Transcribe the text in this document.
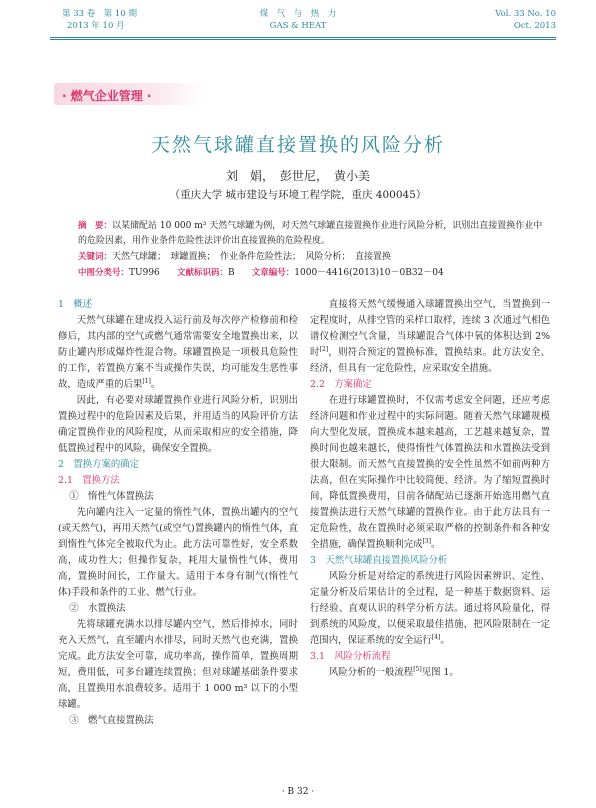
第 33 卷　第 10 期
2013 年 10 月
煤　气　与　热　力
GAS & HEAT
Vol. 33 No. 10
Oct. 2013
· 燃气企业管理 ·
天然气球罐直接置换的风险分析
刘　娟，　彭世尼，　黄小美
（重庆大学 城市建设与环境工程学院，重庆 400045）
摘　要：以某储配站 10 000 m³ 天然气球罐为例，对天然气球罐直接置换作业进行风险分析，识别出直接置换作业中的危险因素，用作业条件危险性法评价出直接置换的危险程度。
关键词：天然气球罐；　球罐置换；　作业条件危险性法；　风险分析；　直接置换
中图分类号：TU996 文献标识码：B 文章编号：1000－4416(2013)10－0B32－04

1　概述

天然气球罐在建成投入运行前及每次停产检修前和检修后，其内部的空气或燃气通常需要安全地置换出来，以防止罐内形成爆炸性混合物。球罐置换是一项极具危险性的工作，若置换方案不当或操作失误，均可能发生恶性事故，造成严重的后果[1]。

因此，有必要对球罐置换作业进行风险分析，识别出置换过程中的危险因素及后果，并用适当的风险评价方法确定置换作业的风险程度，从而采取相应的安全措施，降低置换过程中的风险，确保安全置换。

2　置换方案的确定

2.1　置换方法

①　惰性气体置换法

先向罐内注入一定量的惰性气体，置换出罐内的空气(或天然气)，再用天然气(或空气)置换罐内的惰性气体，直到惰性气体完全被取代为止。此方法可靠性好，安全系数高，成功性大；但操作复杂，耗用大量惰性气体，费用高，置换时间长，工作量大。适用于本身有制气(惰性气体)手段和条件的工业、燃气行业。

②　水置换法

先将球罐充满水以排尽罐内空气，然后排掉水，同时充入天然气，直至罐内水排尽，同时天然气也充满，置换完成。此方法安全可靠，成功率高，操作简单，置换周期短，费用低，可多台罐连续置换；但对球罐基础条件要求高，且置换用水浪费较多。适用于 1 000 m³ 以下的小型球罐。

③　燃气直接置换法

直接将天然气缓慢通入球罐置换出空气，当置换到一定程度时，从排空管的采样口取样，连续 3 次通过气相色谱仪检测空气含量，当球罐混合气体中氧的体积达到 2% 时[2]，则符合预定的置换标准，置换结束。此方法安全、经济，但具有一定危险性，应采取安全措施。

2.2　方案确定

在进行球罐置换时，不仅需考虑安全问题，还应考虑经济问题和作业过程中的实际问题。随着天然气球罐规模向大型化发展，置换成本越来越高，工艺越来越复杂，置换时间也越来越长，使得惰性气体置换法和水置换法受到很大限制。而天然气直接置换的安全性虽然不如前两种方法高，但在实际操作中比较简便、经济。为了缩短置换时间，降低置换费用，目前各储配站已逐渐开始选用燃气直接置换法进行天然气球罐的置换作业。由于此方法具有一定危险性，故在置换时必须采取严格的控制条件和各种安全措施，确保置换顺利完成[3]。

3　天然气球罐直接置换风险分析

风险分析是对给定的系统进行风险因素辨识、定性、定量分析及后果估计的全过程，是一种基于数据资料、运行经验、直观认识的科学分析方法。通过将风险量化，得到系统的风险度，以便采取最佳措施，把风险限制在一定范围内，保证系统的安全运行[4]。

3.1　风险分析流程

风险分析的一般流程[5]见图 1。

· B 32 ·
